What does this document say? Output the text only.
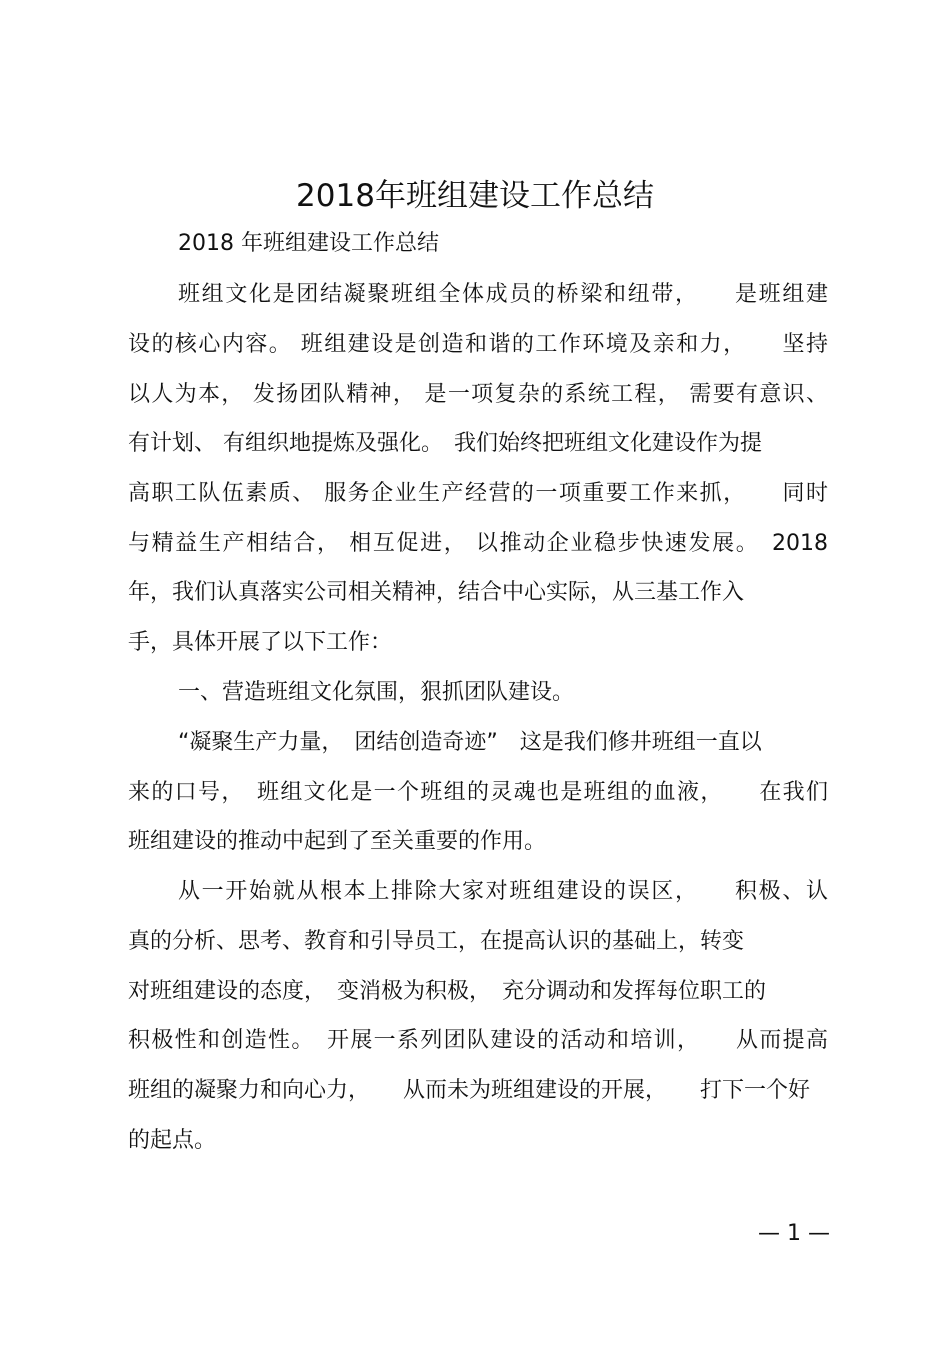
2018年班组建设工作总结
2018 年班组建设工作总结
班组文化是团结凝聚班组全体成员的桥梁和纽带，　　是班组建
设的核心内容。 班组建设是创造和谐的工作环境及亲和力，　　坚持
以人为本， 发扬团队精神， 是一项复杂的系统工程， 需要有意识、
有计划、 有组织地提炼及强化。　我们始终把班组文化建设作为提
高职工队伍素质、 服务企业生产经营的一项重要工作来抓，　　同时
与精益生产相结合， 相互促进， 以推动企业稳步快速发展。　2018
年，我们认真落实公司相关精神，结合中心实际，从三基工作入
手，具体开展了以下工作：
一、营造班组文化氛围，狠抓团队建设。
“凝聚生产力量，　团结创造奇迹”　这是我们修井班组一直以
来的口号，　班组文化是一个班组的灵魂也是班组的血液，　　在我们
班组建设的推动中起到了至关重要的作用。
从一开始就从根本上排除大家对班组建设的误区，　　积极、认
真的分析、思考、教育和引导员工，在提高认识的基础上，转变
对班组建设的态度，　变消极为积极，　充分调动和发挥每位职工的
积极性和创造性。　开展一系列团队建设的活动和培训，　　从而提高
班组的凝聚力和向心力，　　从而未为班组建设的开展，　　打下一个好
的起点。
— 1 —
